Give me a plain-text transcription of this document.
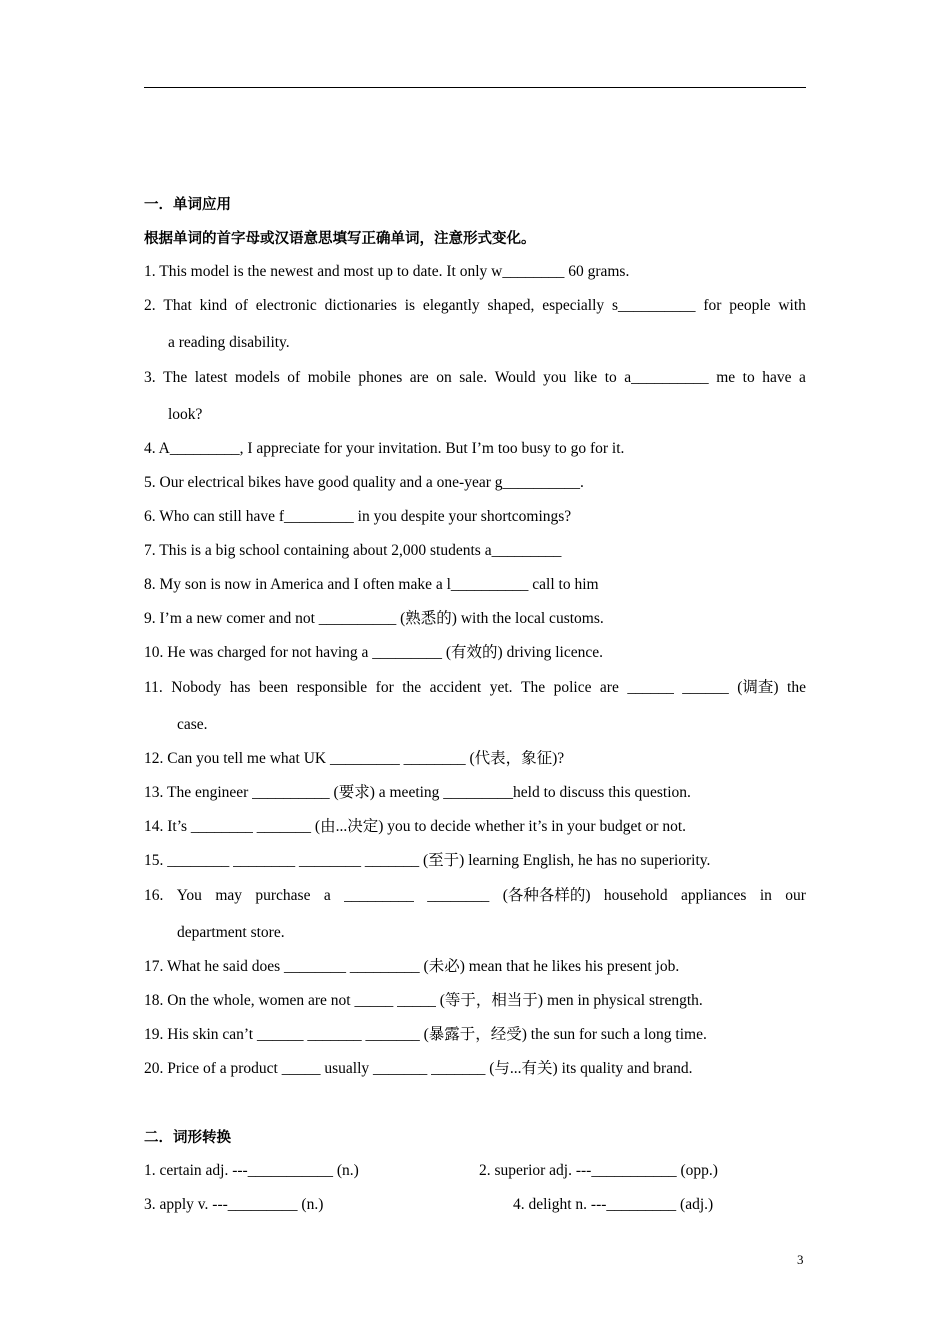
一．单词应用
根据单词的首字母或汉语意思填写正确单词，注意形式变化。
1. This model is the newest and most up to date. It only w________ 60 grams.
2. That kind of electronic dictionaries is elegantly shaped, especially s__________ for people with
a reading disability.
3. The latest models of mobile phones are on sale. Would you like to a__________ me to have a
look?
4. A_________, I appreciate for your invitation. But I’m too busy to go for it.
5. Our electrical bikes have good quality and a one-year g__________.
6. Who can still have f_________ in you despite your shortcomings?
7. This is a big school containing about 2,000 students a_________
8. My son is now in America and I often make a l__________ call to him
9. I’m a new comer and not __________ (熟悉的) with the local customs.
10. He was charged for not having a _________ (有效的) driving licence.
11. Nobody has been responsible for the accident yet. The police are ______ ______ (调查) the
case.
12. Can you tell me what UK _________ ________ (代表，象征)?
13. The engineer __________ (要求) a meeting _________held to discuss this question.
14. It’s ________ _______ (由...决定) you to decide whether it’s in your budget or not.
15. ________ ________ ________ _______ (至于) learning English, he has no superiority.
16. You may purchase a _________ ________ (各种各样的) household appliances in our
department store.
17. What he said does ________ _________ (未必) mean that he likes his present job.
18. On the whole, women are not _____ _____ (等于，相当于) men in physical strength.
19. His skin can’t ______ _______ _______ (暴露于，经受) the sun for such a long time.
20. Price of a product _____ usually _______ _______ (与...有关) its quality and brand.
二．词形转换
1. certain adj. ---___________ (n.)	2. superior adj. ---___________ (opp.)
3. apply v. ---_________ (n.)	4. delight n. ---_________ (adj.)
3
